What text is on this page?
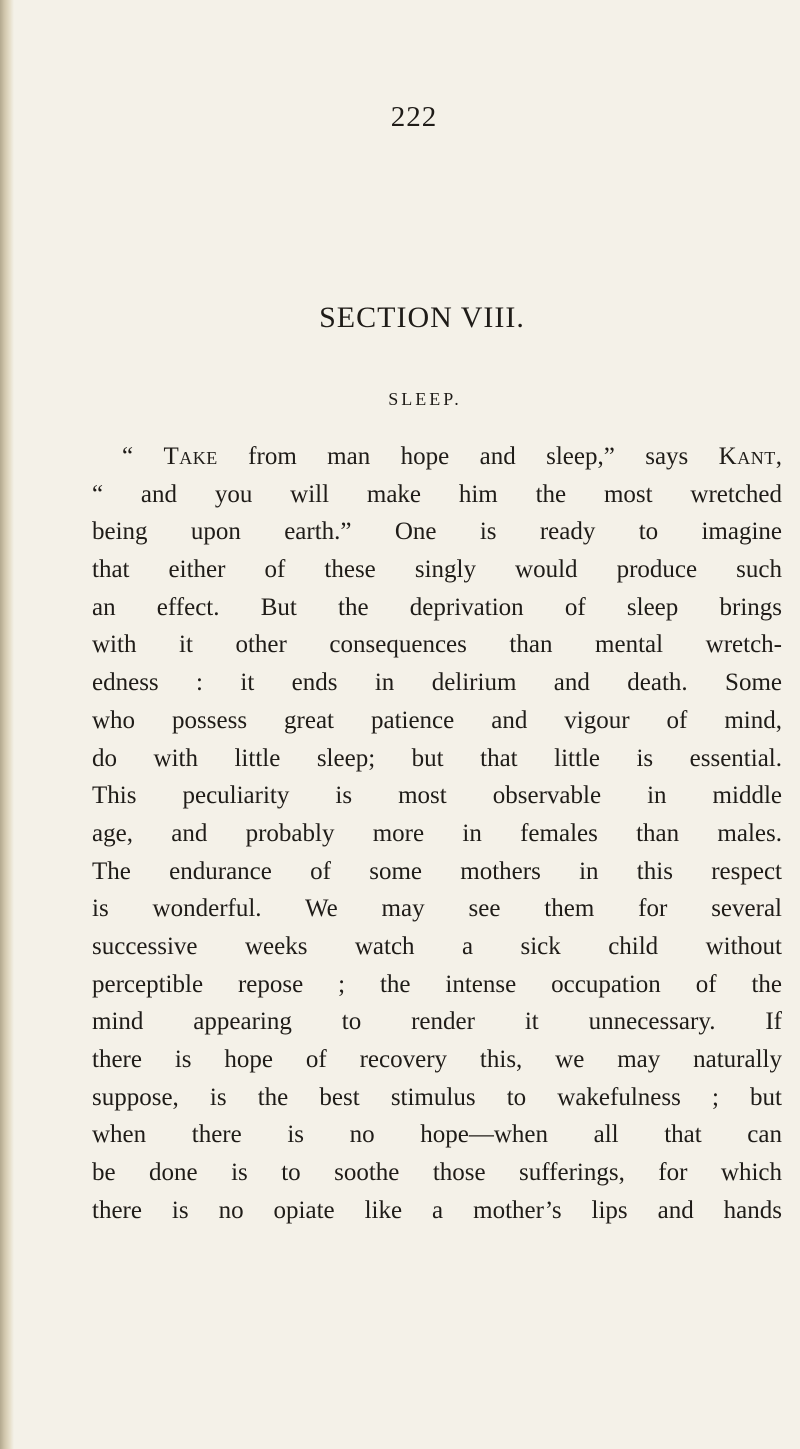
222
SECTION VIII.
SLEEP.
“ Take from man hope and sleep,” says Kant,
“ and you will make him the most wretched
being upon earth.” One is ready to imagine
that either of these singly would produce such
an effect. But the deprivation of sleep brings
with it other consequences than mental wretch-
edness : it ends in delirium and death. Some
who possess great patience and vigour of mind,
do with little sleep; but that little is essential.
This peculiarity is most observable in middle
age, and probably more in females than males.
The endurance of some mothers in this respect
is wonderful. We may see them for several
successive weeks watch a sick child without
perceptible repose ; the intense occupation of the
mind appearing to render it unnecessary. If
there is hope of recovery this, we may naturally
suppose, is the best stimulus to wakefulness ; but
when there is no hope—when all that can
be done is to soothe those sufferings, for which
there is no opiate like a mother’s lips and hands
